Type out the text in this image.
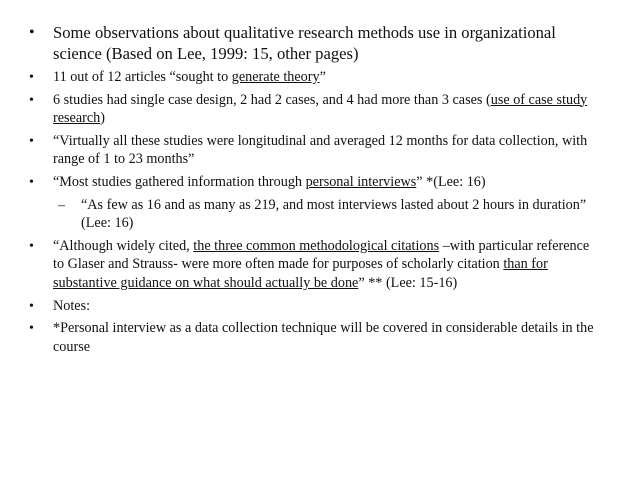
• Some observations about qualitative research methods use in organizational science (Based on Lee, 1999: 15, other pages)
• 11 out of 12 articles “sought to generate theory”
• 6 studies had single case design, 2 had 2 cases, and 4 had more than 3 cases (use of case study research)
• “Virtually all these studies were longitudinal and averaged 12 months for data collection, with range of 1 to 23 months”
• “Most studies gathered information through personal interviews” *(Lee: 16)
– “As few as 16 and as many as 219, and most interviews lasted about 2 hours in duration” (Lee: 16)
• “Although widely cited, the three common methodological citations –with particular reference to Glaser and Strauss- were more often made for purposes of scholarly citation than for substantive guidance on what should actually be done” ** (Lee: 15-16)
• Notes:
• *Personal interview as a data collection technique will be covered in considerable details in the course
